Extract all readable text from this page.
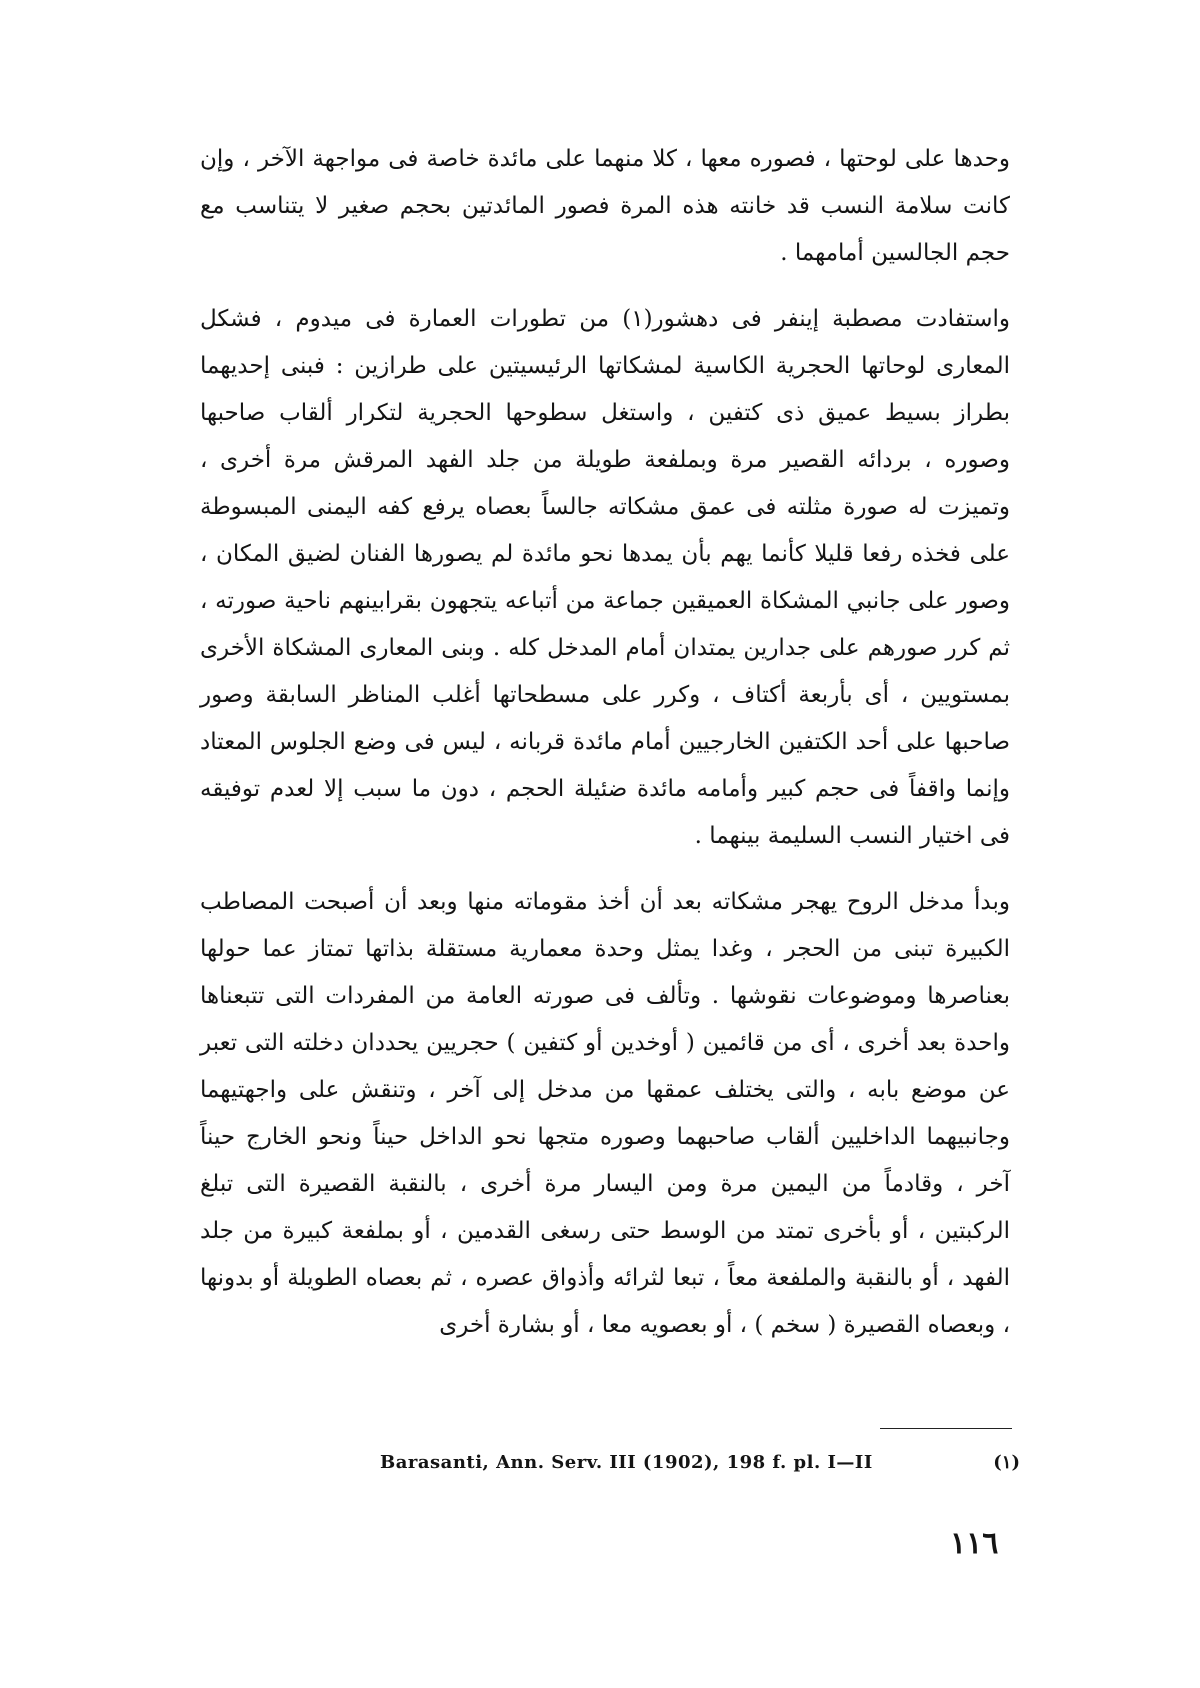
وحدها على لوحتها ، فصوره معها ، كلا منهما على مائدة خاصة فى مواجهة الآخر ، وإن كانت سلامة النسب قد خانته هذه المرة فصور المائدتين بحجم صغير لا يتناسب مع حجم الجالسين أمامهما .

واستفادت مصطبة إينفر فى دهشور(١) من تطورات العمارة فى ميدوم ، فشكل المعارى لوحاتها الحجرية الكاسية لمشكاتها الرئيسيتين على طرازين : فبنى إحديهما بطراز بسيط عميق ذى كتفين ، واستغل سطوحها الحجرية لتكرار ألقاب صاحبها وصوره ، بردائه القصير مرة وبملفعة طويلة من جلد الفهد المرقش مرة أخرى ، وتميزت له صورة مثلته فى عمق مشكاته جالساً بعصاه يرفع كفه اليمنى المبسوطة على فخذه رفعا قليلا كأنما يهم بأن يمدها نحو مائدة لم يصورها الفنان لضيق المكان ، وصور على جانبي المشكاة العميقين جماعة من أتباعه يتجهون بقرابينهم ناحية صورته ، ثم كرر صورهم على جدارين يمتدان أمام المدخل كله . وبنى المعارى المشكاة الأخرى بمستويين ، أى بأربعة أكتاف ، وكرر على مسطحاتها أغلب المناظر السابقة وصور صاحبها على أحد الكتفين الخارجيين أمام مائدة قربانه ، ليس فى وضع الجلوس المعتاد وإنما واقفاً فى حجم كبير وأمامه مائدة ضئيلة الحجم ، دون ما سبب إلا لعدم توفيقه فى اختيار النسب السليمة بينهما .

وبدأ مدخل الروح يهجر مشكاته بعد أن أخذ مقوماته منها وبعد أن أصبحت المصاطب الكبيرة تبنى من الحجر ، وغدا يمثل وحدة معمارية مستقلة بذاتها تمتاز عما حولها بعناصرها وموضوعات نقوشها . وتألف فى صورته العامة من المفردات التى تتبعناها واحدة بعد أخرى ، أى من قائمين ( أوخدين أو كتفين ) حجريين يحددان دخلته التى تعبر عن موضع بابه ، والتى يختلف عمقها من مدخل إلى آخر ، وتنقش على واجهتيهما وجانبيهما الداخليين ألقاب صاحبهما وصوره متجها نحو الداخل حيناً ونحو الخارج حيناً آخر ، وقادماً من اليمين مرة ومن اليسار مرة أخرى ، بالنقبة القصيرة التى تبلغ الركبتين ، أو بأخرى تمتد من الوسط حتى رسغى القدمين ، أو بملفعة كبيرة من جلد الفهد ، أو بالنقبة والملفعة معاً ، تبعا لثرائه وأذواق عصره ، ثم بعصاه الطويلة أو بدونها ، وبعصاه القصيرة ( سخم ) ، أو بعصويه معا ، أو بشارة أخرى

Barasanti, Ann. Serv. III (1902), 198 f. pl. I—II	(١)
١١٦
